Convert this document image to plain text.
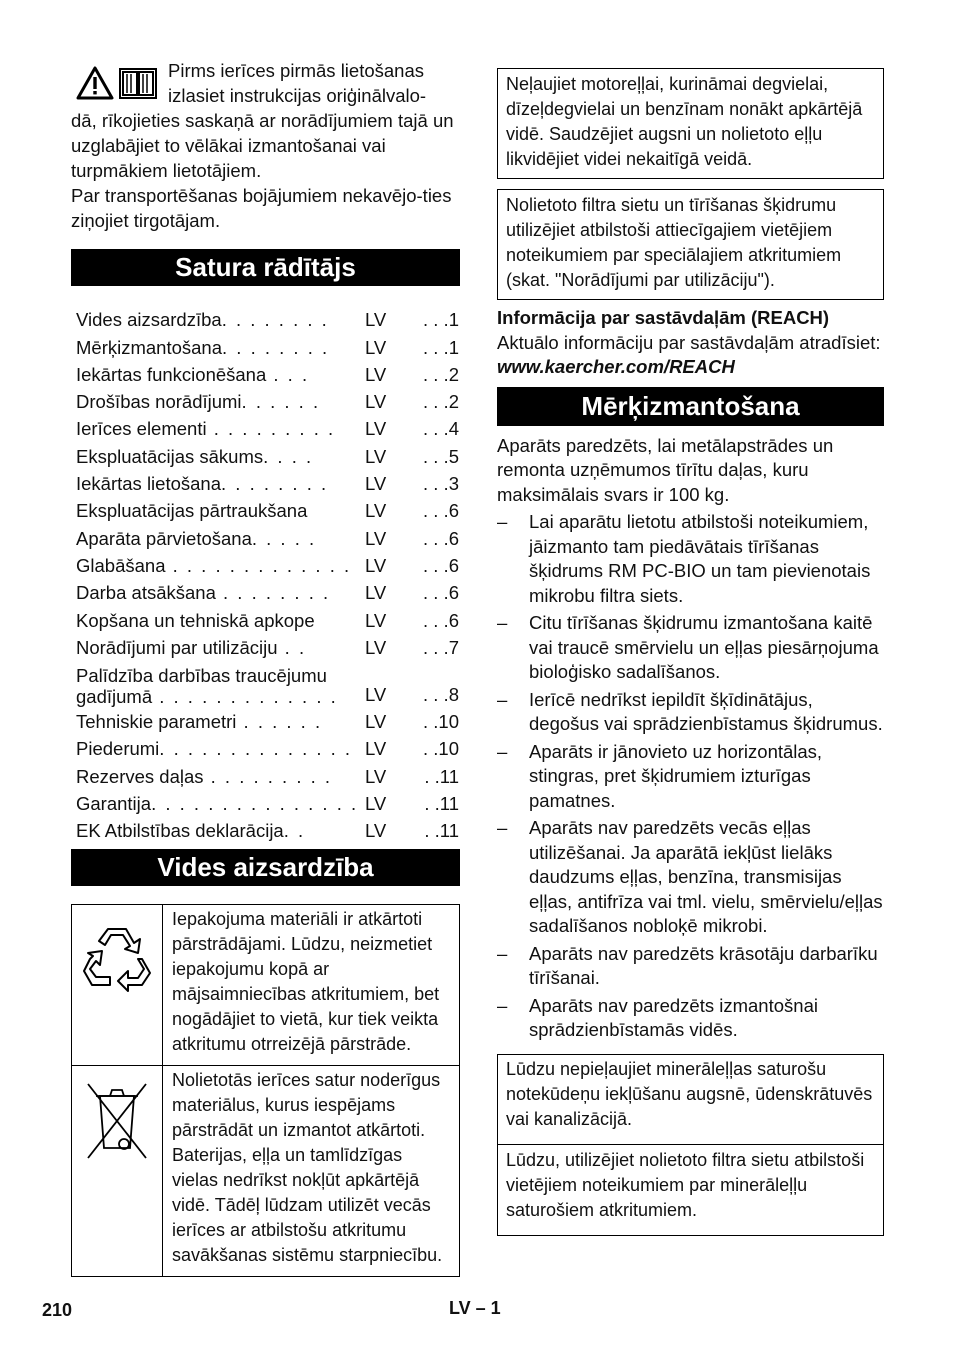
Pirms ierīces pirmās lietošanas

izlasiet instrukcijas oriģinālvalo-

dā, rīkojieties saskaņā ar norādījumiem tajā un uzglabājiet to vēlākai izmantošanai vai turpmākiem lietotājiem.

Par transportēšanas bojājumiem nekavējo-ties ziņojiet tirgotājam.

Satura rādītājs
Vides aizsardzība. . . . . . . .	LV	. . .1
Mērķizmantošana. . . . . . . .	LV	. . .1
Iekārtas funkcionēšana . . .	LV	. . .2
Drošības norādījumi. . . . . .	LV	. . .2
Ierīces elementi . . . . . . . . .	LV	. . .4
Ekspluatācijas sākums. . . .	LV	. . .5
Iekārtas lietošana. . . . . . . .	LV	. . .3
Ekspluatācijas pārtraukšana	LV	. . .6
Aparāta pārvietošana. . . . .	LV	. . .6
Glabāšana . . . . . . . . . . . . . LV	. . .6
Darba atsākšana . . . . . . . .	LV	. . .6
Kopšana un tehniskā apkope	LV	. . .6
Norādījumi par utilizāciju . .	LV	. . .7
Palīdzība darbības traucējumu gadījumā . . . . . . . . . . . . .	LV	. . .8
Tehniskie parametri . . . . . .	LV	. .10
Piederumi. . . . . . . . . . . . . . LV	. .10
Rezerves daļas . . . . . . . . .	LV	. .11
Garantija. . . . . . . . . . . . . . . LV	. .11
EK Atbilstības deklarācija. .	LV	. .11
Vides aizsardzība
	Iepakojuma materiāli ir atkārtoti pārstrādājami. Lūdzu, neizmetiet iepakojumu kopā ar mājsaimniecības atkritumiem, bet nogādājiet to vietā, kur tiek veikta atkritumu otrreizējā pārstrāde.
	Nolietotās ierīces satur noderīgus materiālus, kurus iespējams pārstrādāt un izmantot atkārtoti. Baterijas, eļļa un tamlīdzīgas vielas nedrīkst nokļūt apkārtējā vidē. Tādēļ lūdzam utilizēt vecās ierīces ar atbilstošu atkritumu savākšanas sistēmu starpniecību.
Neļaujiet motoreļļai, kurināmai degvielai, dīzeļdegvielai un benzīnam nonākt apkārtējā vidē. Saudzējiet augsni un nolietoto eļļu likvidējiet videi nekaitīgā veidā.
Nolietoto filtra sietu un tīrīšanas šķidrumu utilizējiet atbilstoši attiecīgajiem vietējiem noteikumiem par speciālajiem atkritumiem (skat. "Norādījumi par utilizāciju").
Informācija par sastāvdaļām (REACH)
Aktuālo informāciju par sastāvdaļām atradīsiet:
www.kaercher.com/REACH
Mērķizmantošana
Aparāts paredzēts, lai metālapstrādes un remonta uzņēmumos tīrītu daļas, kuru maksimālais svars ir 100 kg.
– Lai aparātu lietotu atbilstoši noteikumiem, jāizmanto tam piedāvātais tīrīšanas šķidrums RM PC-BIO un tam pievienotais mikrobu filtra siets.
– Citu tīrīšanas šķidrumu izmantošana kaitē vai traucē smērvielu un eļļas piesārņojuma bioloģisko sadalīšanos.
– Ierīcē nedrīkst iepildīt šķīdinātājus, degošus vai sprādzienbīstamus šķidrumus.
– Aparāts ir jānovieto uz horizontālas, stingras, pret šķidrumiem izturīgas pamatnes.
– Aparāts nav paredzēts vecās eļļas utilizēšanai. Ja aparātā iekļūst lielāks daudzums eļļas, benzīna, transmisijas eļļas, antifrīza vai tml. vielu, smērvielu/eļļas sadalīšanos nobloķē mikrobi.
– Aparāts nav paredzēts krāsotāju darbarīku tīrīšanai.
– Aparāts nav paredzēts izmantošnai sprādzienbīstamās vidēs.
Lūdzu nepieļaujiet minerāleļļas saturošu notekūdeņu iekļūšanu augsnē, ūdenskrātuvēs vai kanalizācijā.
Lūdzu, utilizējiet nolietoto filtra sietu atbilstoši vietējiem noteikumiem par minerāleļļu saturošiem atkritumiem.
210	LV – 1
